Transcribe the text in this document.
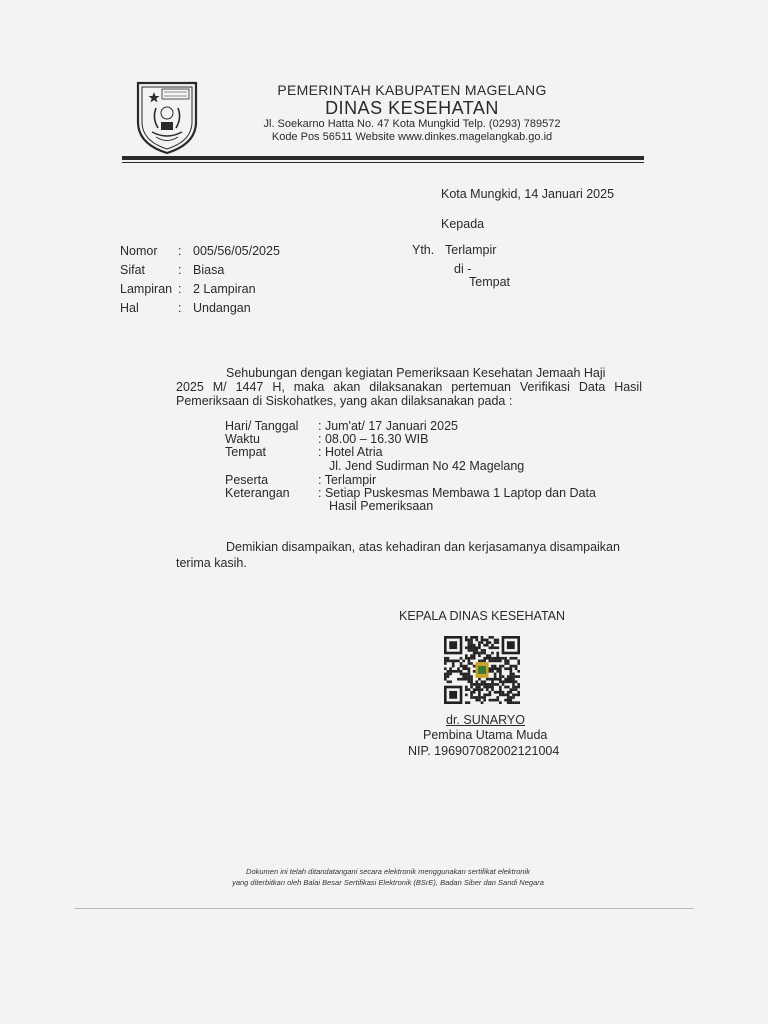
PEMERINTAH KABUPATEN MAGELANG
DINAS KESEHATAN
Jl. Soekarno Hatta No. 47 Kota Mungkid Telp. (0293) 789572
Kode Pos 56511 Website www.dinkes.magelangkab.go.id
Kota Mungkid, 14 Januari 2025
Kepada
Yth. Terlampir
di -
Tempat
Nomor : 005/56/05/2025
Sifat	: Biasa
Lampiran : 2 Lampiran
Hal	: Undangan
Sehubungan dengan kegiatan Pemeriksaan Kesehatan Jemaah Haji
2025 M/ 1447 H, maka akan dilaksanakan pertemuan Verifikasi Data Hasil
Pemeriksaan di Siskohatkes, yang akan dilaksanakan pada :
Hari/ Tanggal : Jum'at/ 17 Januari 2025
Waktu	: 08.00 – 16.30 WIB
Tempat	: Hotel Atria
Jl. Jend Sudirman No 42 Magelang
Peserta	: Terlampir
Keterangan : Setiap Puskesmas Membawa 1 Laptop dan Data
Hasil Pemeriksaan
Demikian disampaikan, atas kehadiran dan kerjasamanya disampaikan
terima kasih.
KEPALA DINAS KESEHATAN
dr. SUNARYO
Pembina Utama Muda
NIP. 196907082002121004
Dokumen ini telah ditandatangani secara elektronik menggunakan sertifikat elektronik
yang diterbitkan oleh Balai Besar Sertifikasi Elektronik (BSrE), Badan Siber dan Sandi Negara
